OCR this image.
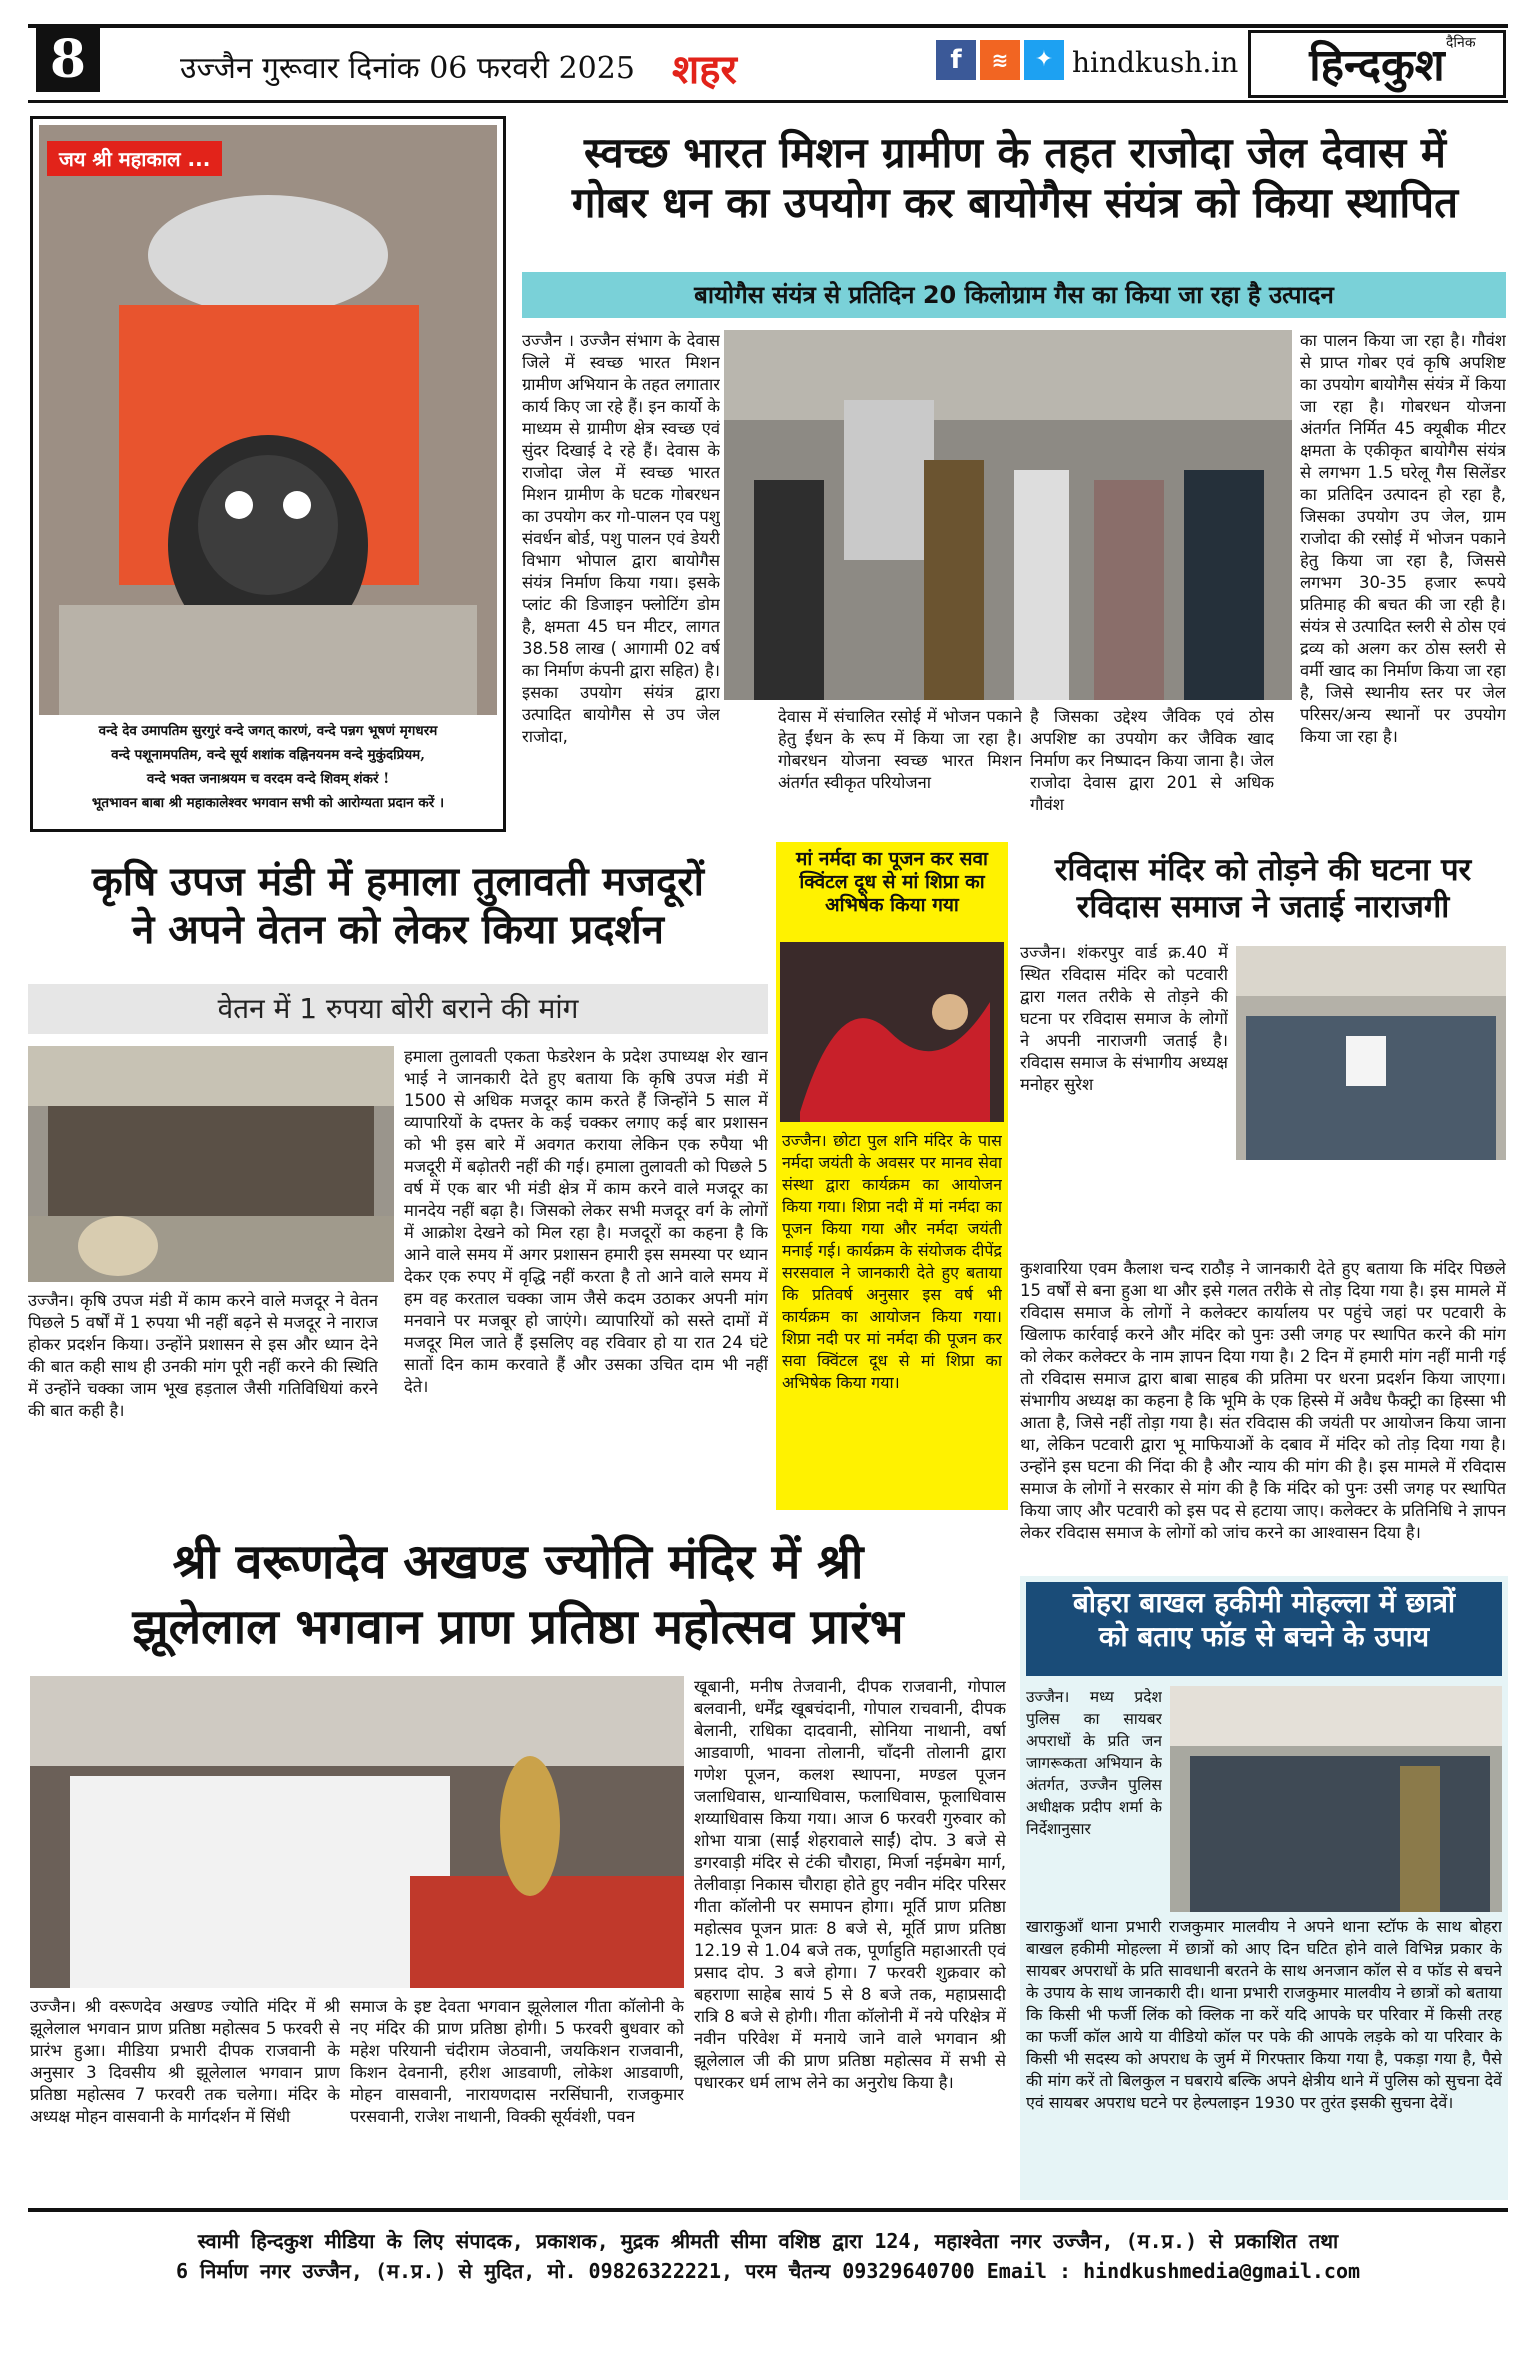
8	उज्जैन गुरूवार दिनांक 06 फरवरी 2025 शहर	f	≋	✦ hindkush.in	हिन्दकुश दैनिक
जय श्री महाकाल ...
वन्दे देव उमापतिम सुरगुरं वन्दे जगत् कारणं, वन्दे पन्नग भूषणं मृगधरम
वन्दे पशूनामपतिम, वन्दे सूर्य शशांक वह्निनयनम वन्दे मुकुंदप्रियम,
वन्दे भक्त जनाश्रयम च वरदम वन्दे शिवम् शंकरं !
भूतभावन बाबा श्री महाकालेश्वर भगवान सभी को आरोग्यता प्रदान करें ।
स्वच्छ भारत मिशन ग्रामीण के तहत राजोदा जेल देवास में
गोबर धन का उपयोग कर बायोगैस संयंत्र को किया स्थापित
बायोगैस संयंत्र से प्रतिदिन 20 किलोग्राम गैस का किया जा रहा है उत्पादन
उज्जैन । उज्जैन संभाग के देवास जिले में स्वच्छ भारत मिशन ग्रामीण अभियान के तहत लगातार कार्य किए जा रहे हैं। इन कार्यो के माध्यम से ग्रामीण क्षेत्र स्वच्छ एवं सुंदर दिखाई दे रहे हैं। देवास के राजोदा जेल में स्वच्छ भारत मिशन ग्रामीण के घटक गोबरधन का उपयोग कर गो-पालन एव पशु संवर्धन बोर्ड, पशु पालन एवं डेयरी विभाग भोपाल द्वारा बायोगैस संयंत्र निर्माण किया गया। इसके प्लांट की डिजाइन फ्लोटिंग डोम है, क्षमता 45 घन मीटर, लागत 38.58 लाख ( आगामी 02 वर्ष का निर्माण कंपनी द्वारा सहित) है। इसका उपयोग संयंत्र द्वारा उत्पादित बायोगैस से उप जेल राजोदा,
देवास में संचालित रसोई में भोजन पकाने हेतु ईंधन के रूप में किया जा रहा है। गोबरधन योजना स्वच्छ भारत मिशन अंतर्गत स्वीकृत परियोजना
है जिसका उद्देश्य जैविक एवं ठोस अपशिष्ट का उपयोग कर जैविक खाद निर्माण कर निष्पादन किया जाना है। जेल राजोदा देवास द्वारा 201 से अधिक गौवंश
का पालन किया जा रहा है। गौवंश से प्राप्त गोबर एवं कृषि अपशिष्ट का उपयोग बायोगैस संयंत्र में किया जा रहा है। गोबरधन योजना अंतर्गत निर्मित 45 क्यूबीक मीटर क्षमता के एकीकृत बायोगैस संयंत्र से लगभग 1.5 घरेलू गैस सिलेंडर का प्रतिदिन उत्पादन हो रहा है, जिसका उपयोग उप जेल, ग्राम राजोदा की रसोई में भोजन पकाने हेतु किया जा रहा है, जिससे लगभग 30-35 हजार रूपये प्रतिमाह की बचत की जा रही है। संयंत्र से उत्पादित स्लरी से ठोस एवं द्रव्य को अलग कर ठोस स्लरी से वर्मी खाद का निर्माण किया जा रहा है, जिसे स्थानीय स्तर पर जेल परिसर/अन्य स्थानों पर उपयोग किया जा रहा है।
कृषि उपज मंडी में हमाला तुलावती मजदूरों
ने अपने वेतन को लेकर किया प्रदर्शन
वेतन में 1 रुपया बोरी बराने की मांग
उज्जैन। कृषि उपज मंडी में काम करने वाले मजदूर ने वेतन पिछले 5 वर्षों में 1 रुपया भी नहीं बढ़ने से मजदूर ने नाराज होकर प्रदर्शन किया। उन्होंने प्रशासन से इस और ध्यान देने की बात कही साथ ही उनकी मांग पूरी नहीं करने की स्थिति में उन्होंने चक्का जाम भूख हड़ताल जैसी गतिविधियां करने की बात कही है।
हमाला तुलावती एकता फेडरेशन के प्रदेश उपाध्यक्ष शेर खान भाई ने जानकारी देते हुए बताया कि कृषि उपज मंडी में 1500 से अधिक मजदूर काम करते हैं जिन्होंने 5 साल में व्यापारियों के दफ्तर के कई चक्कर लगाए कई बार प्रशासन को भी इस बारे में अवगत कराया लेकिन एक रुपैया भी मजदूरी में बढ़ोतरी नहीं की गई। हमाला तुलावती को पिछले 5 वर्ष में एक बार भी मंडी क्षेत्र में काम करने वाले मजदूर का मानदेय नहीं बढ़ा है। जिसको लेकर सभी मजदूर वर्ग के लोगों में आक्रोश देखने को मिल रहा है। मजदूरों का कहना है कि आने वाले समय में अगर प्रशासन हमारी इस समस्या पर ध्यान देकर एक रुपए में वृद्धि नहीं करता है तो आने वाले समय में हम वह करताल चक्का जाम जैसे कदम उठाकर अपनी मांग मनवाने पर मजबूर हो जाएंगे। व्यापारियों को सस्ते दामों में मजदूर मिल जाते हैं इसलिए वह रविवार हो या रात 24 घंटे सातों दिन काम करवाते हैं और उसका उचित दाम भी नहीं देते।
मां नर्मदा का पूजन कर सवा क्विंटल दूध से मां शिप्रा का अभिषेक किया गया
उज्जैन। छोटा पुल शनि मंदिर के पास नर्मदा जयंती के अवसर पर मानव सेवा संस्था द्वारा कार्यक्रम का आयोजन किया गया। शिप्रा नदी में मां नर्मदा का पूजन किया गया और नर्मदा जयंती मनाई गई। कार्यक्रम के संयोजक दीपेंद्र सरसवाल ने जानकारी देते हुए बताया कि प्रतिवर्ष अनुसार इस वर्ष भी कार्यक्रम का आयोजन किया गया। शिप्रा नदी पर मां नर्मदा की पूजन कर सवा क्विंटल दूध से मां शिप्रा का अभिषेक किया गया।
रविदास मंदिर को तोड़ने की घटना पर
रविदास समाज ने जताई नाराजगी
उज्जैन। शंकरपुर वार्ड क्र.40 में स्थित रविदास मंदिर को पटवारी द्वारा गलत तरीके से तोड़ने की घटना पर रविदास समाज के लोगों ने अपनी नाराजगी जताई है। रविदास समाज के संभागीय अध्यक्ष मनोहर सुरेश
कुशवारिया एवम कैलाश चन्द राठौड़ ने जानकारी देते हुए बताया कि मंदिर पिछले 15 वर्षों से बना हुआ था और इसे गलत तरीके से तोड़ दिया गया है। इस मामले में रविदास समाज के लोगों ने कलेक्टर कार्यालय पर पहुंचे जहां पर पटवारी के खिलाफ कार्रवाई करने और मंदिर को पुनः उसी जगह पर स्थापित करने की मांग को लेकर कलेक्टर के नाम ज्ञापन दिया गया है। 2 दिन में हमारी मांग नहीं मानी गई तो रविदास समाज द्वारा बाबा साहब की प्रतिमा पर धरना प्रदर्शन किया जाएगा। संभागीय अध्यक्ष का कहना है कि भूमि के एक हिस्से में अवैध फैक्ट्री का हिस्सा भी आता है, जिसे नहीं तोड़ा गया है। संत रविदास की जयंती पर आयोजन किया जाना था, लेकिन पटवारी द्वारा भू माफियाओं के दबाव में मंदिर को तोड़ दिया गया है। उन्होंने इस घटना की निंदा की है और न्याय की मांग की है। इस मामले में रविदास समाज के लोगों ने सरकार से मांग की है कि मंदिर को पुनः उसी जगह पर स्थापित किया जाए और पटवारी को इस पद से हटाया जाए। कलेक्टर के प्रतिनिधि ने ज्ञापन लेकर रविदास समाज के लोगों को जांच करने का आश्वासन दिया है।
श्री वरूणदेव अखण्ड ज्योति मंदिर में श्री
झूलेलाल भगवान प्राण प्रतिष्ठा महोत्सव प्रारंभ
उज्जैन। श्री वरूणदेव अखण्ड ज्योति मंदिर में श्री झूलेलाल भगवान प्राण प्रतिष्ठा महोत्सव 5 फरवरी से प्रारंभ हुआ। मीडिया प्रभारी दीपक राजवानी के अनुसार 3 दिवसीय श्री झूलेलाल भगवान प्राण प्रतिष्ठा महोत्सव 7 फरवरी तक चलेगा। मंदिर के अध्यक्ष मोहन वासवानी के मार्गदर्शन में सिंधी
समाज के इष्ट देवता भगवान झूलेलाल गीता कॉलोनी के नए मंदिर की प्राण प्रतिष्ठा होगी। 5 फरवरी बुधवार को महेश परियानी चंदीराम जेठवानी, जयकिशन राजवानी, किशन देवनानी, हरीश आडवाणी, लोकेश आडवाणी, मोहन वासवानी, नारायणदास नरसिंघानी, राजकुमार परसवानी, राजेश नाथानी, विक्की सूर्यवंशी, पवन
खूबानी, मनीष तेजवानी, दीपक राजवानी, गोपाल बलवानी, धर्मेंद्र खूबचंदानी, गोपाल राचवानी, दीपक बेलानी, राधिका दादवानी, सोनिया नाथानी, वर्षा आडवाणी, भावना तोलानी, चाँदनी तोलानी द्वारा गणेश पूजन, कलश स्थापना, मण्डल पूजन जलाधिवास, धान्याधिवास, फलाधिवास, फूलाधिवास शय्याधिवास किया गया। आज 6 फरवरी गुरुवार को शोभा यात्रा (साईं शेहरावाले साईं) दोप. 3 बजे से डगरवाड़ी मंदिर से टंकी चौराहा, मिर्जा नईमबेग मार्ग, तेलीवाड़ा निकास चौराहा होते हुए नवीन मंदिर परिसर गीता कॉलोनी पर समापन होगा। मूर्ति प्राण प्रतिष्ठा महोत्सव पूजन प्रातः 8 बजे से, मूर्ति प्राण प्रतिष्ठा 12.19 से 1.04 बजे तक, पूर्णाहुति महाआरती एवं प्रसाद दोप. 3 बजे होगा। 7 फरवरी शुक्रवार को बहराणा साहेब सायं 5 से 8 बजे तक, महाप्रसादी रात्रि 8 बजे से होगी। गीता कॉलोनी में नये परिक्षेत्र में नवीन परिवेश में मनाये जाने वाले भगवान श्री झूलेलाल जी की प्राण प्रतिष्ठा महोत्सव में सभी से पधारकर धर्म लाभ लेने का अनुरोध किया है।
बोहरा बाखल हकीमी मोहल्ला में छात्रों
को बताए फॉड से बचने के उपाय
उज्जैन। मध्य प्रदेश पुलिस का सायबर अपराधों के प्रति जन जागरूकता अभियान के अंतर्गत, उज्जैन पुलिस अधीक्षक प्रदीप शर्मा के निर्देशानुसार
खाराकुआँ थाना प्रभारी राजकुमार मालवीय ने अपने थाना स्टॉफ के साथ बोहरा बाखल हकीमी मोहल्ला में छात्रों को आए दिन घटित होने वाले विभिन्न प्रकार के सायबर अपराधों के प्रति सावधानी बरतने के साथ अनजान कॉल से व फॉड से बचने के उपाय के साथ जानकारी दी। थाना प्रभारी राजकुमार मालवीय ने छात्रों को बताया कि किसी भी फर्जी लिंक को क्लिक ना करें यदि आपके घर परिवार में किसी तरह का फर्जी कॉल आये या वीडियो कॉल पर पके की आपके लड़के को या परिवार के किसी भी सदस्य को अपराध के जुर्म में गिरफ्तार किया गया है, पकड़ा गया है, पैसे की मांग करें तो बिलकुल न घबराये बल्कि अपने क्षेत्रीय थाने में पुलिस को सुचना देवें एवं सायबर अपराध घटने पर हेल्पलाइन 1930 पर तुरंत इसकी सुचना देवें।

स्वामी हिन्दकुश मीडिया के लिए संपादक, प्रकाशक, मुद्रक श्रीमती सीमा वशिष्ठ द्वारा 124, महाश्वेता नगर उज्जैन, (म.प्र.) से प्रकाशित तथा

6 निर्माण नगर उज्जैन, (म.प्र.) से मुदित, मो. 09826322221, परम चैतन्य 09329640700 Email : hindkushmedia@gmail.com
